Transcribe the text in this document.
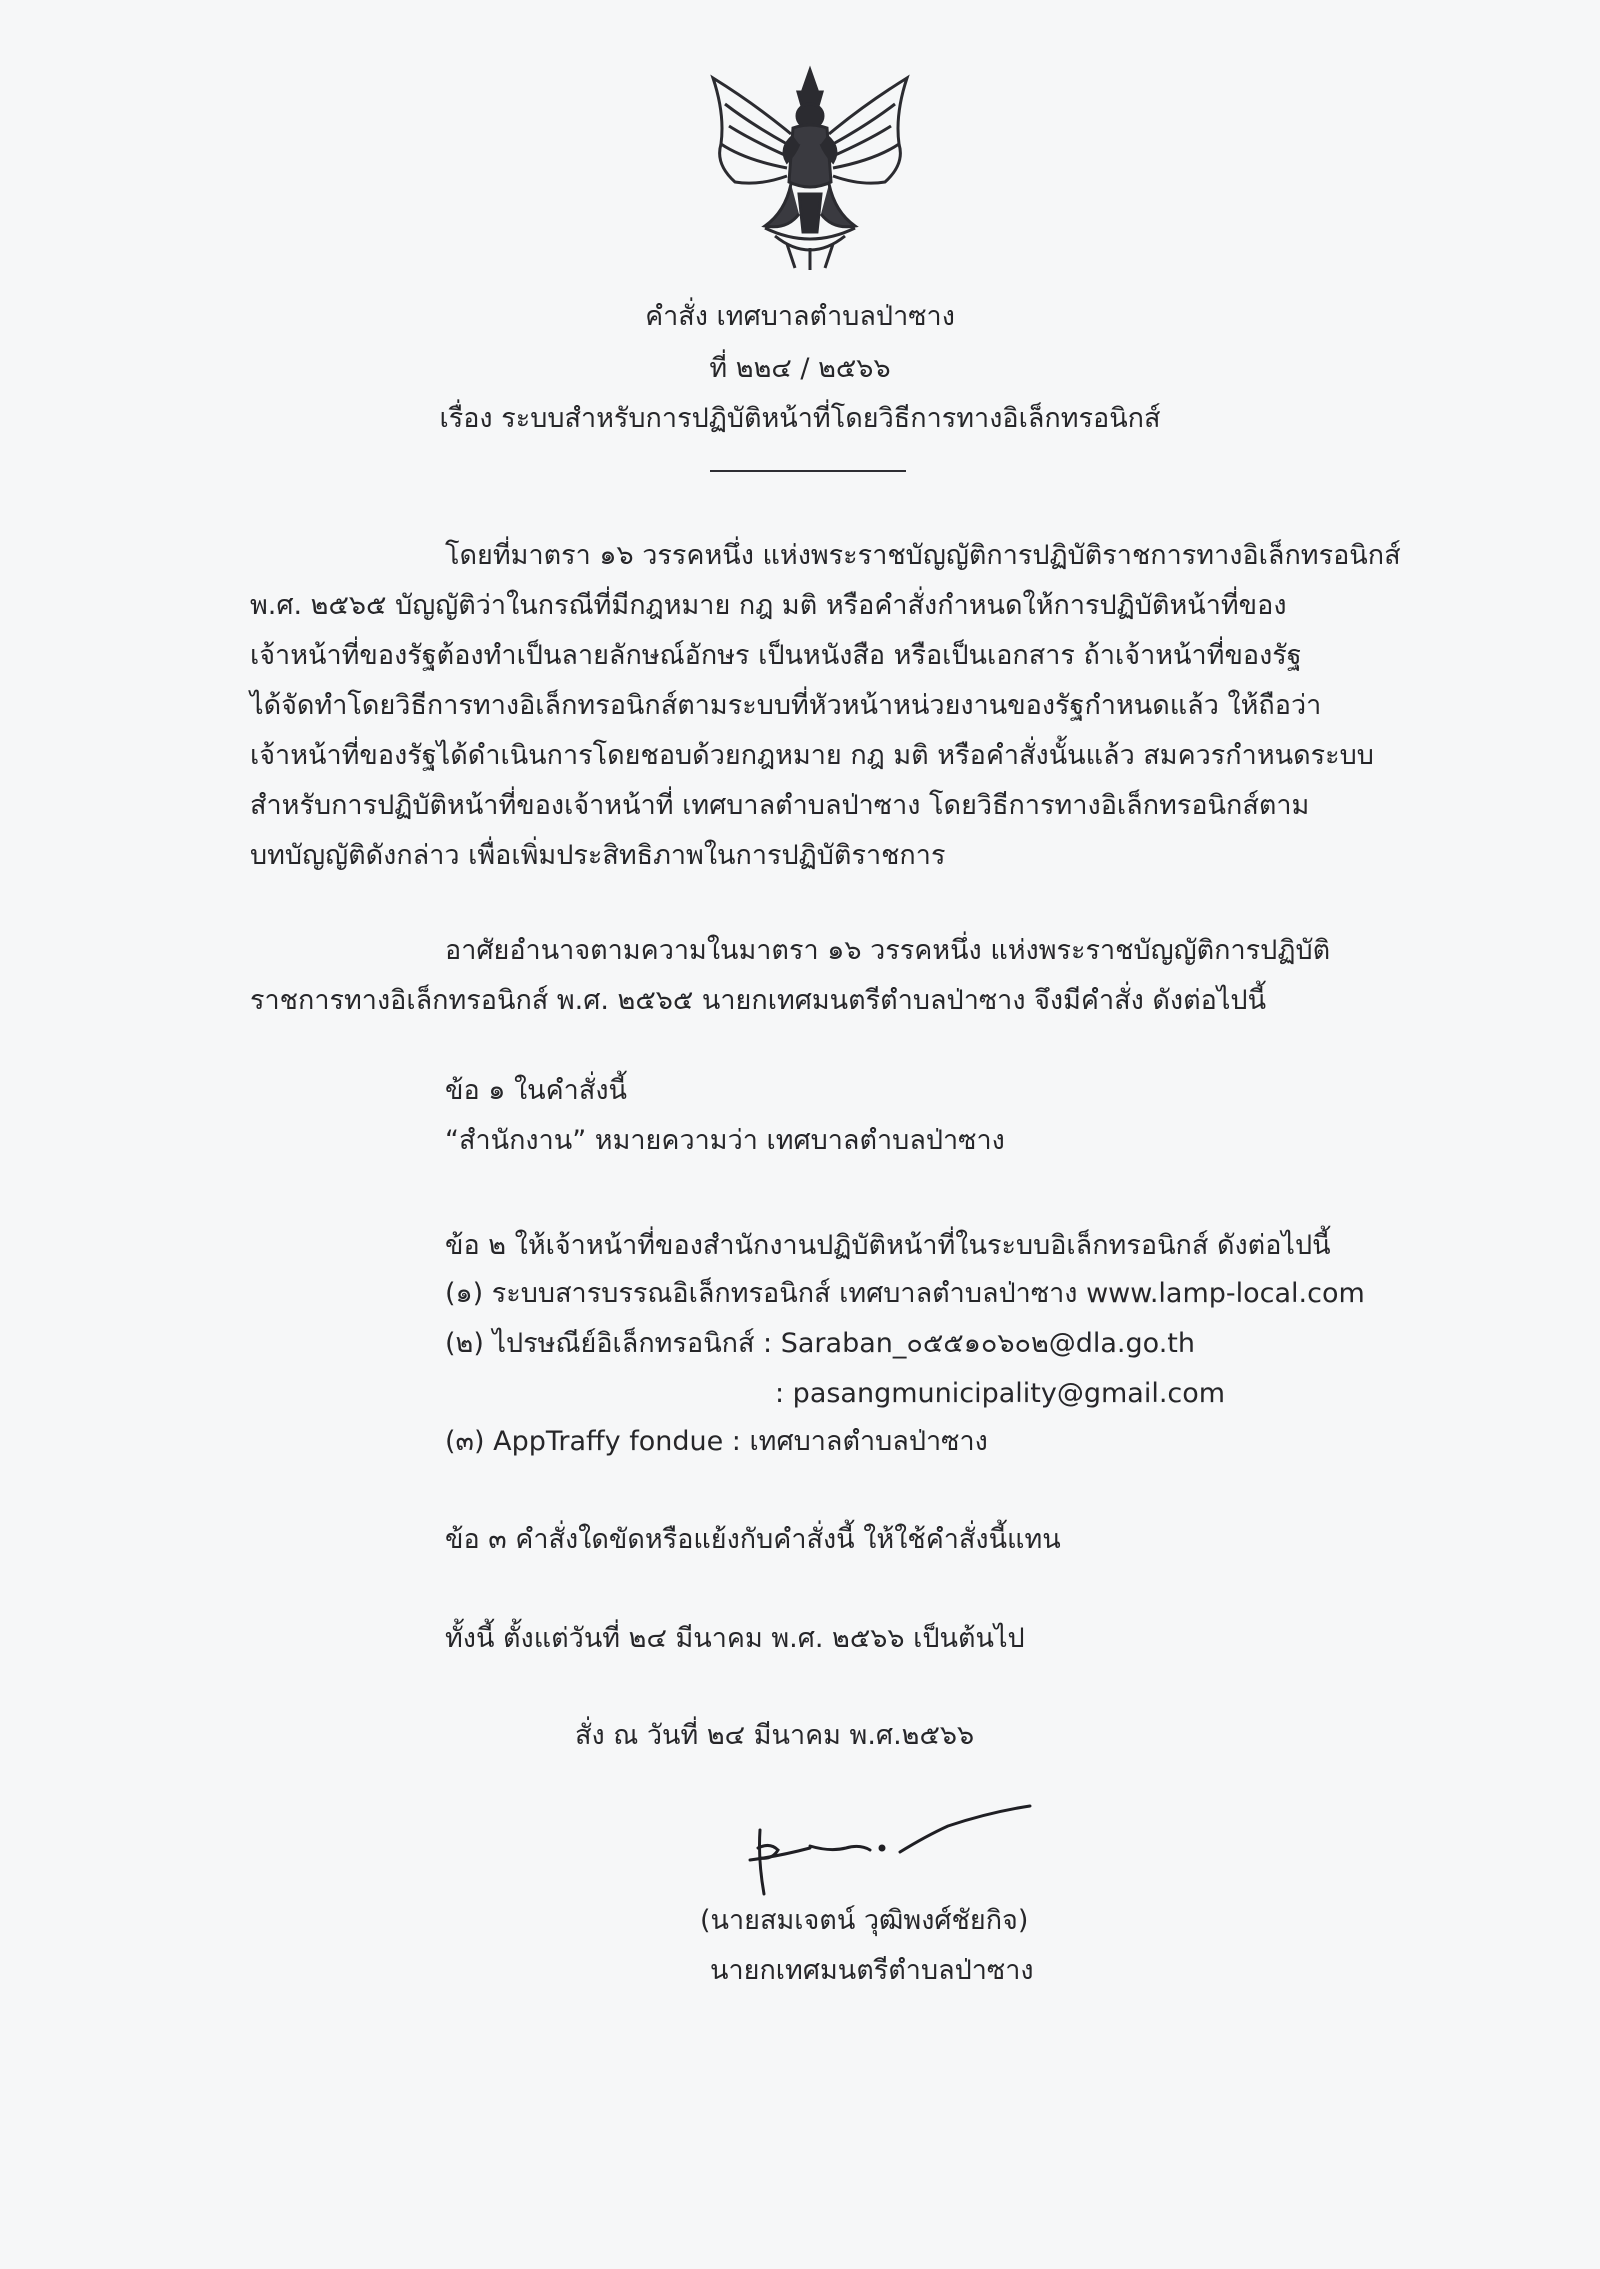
คำสั่ง เทศบาลตำบลป่าซาง
ที่ ๒๒๔ / ๒๕๖๖
เรื่อง ระบบสำหรับการปฏิบัติหน้าที่โดยวิธีการทางอิเล็กทรอนิกส์
โดยที่มาตรา ๑๖ วรรคหนึ่ง แห่งพระราชบัญญัติการปฏิบัติราชการทางอิเล็กทรอนิกส์
พ.ศ. ๒๕๖๕ บัญญัติว่าในกรณีที่มีกฎหมาย กฎ มติ หรือคำสั่งกำหนดให้การปฏิบัติหน้าที่ของ
เจ้าหน้าที่ของรัฐต้องทำเป็นลายลักษณ์อักษร เป็นหนังสือ หรือเป็นเอกสาร ถ้าเจ้าหน้าที่ของรัฐ
ได้จัดทำโดยวิธีการทางอิเล็กทรอนิกส์ตามระบบที่หัวหน้าหน่วยงานของรัฐกำหนดแล้ว ให้ถือว่า
เจ้าหน้าที่ของรัฐได้ดำเนินการโดยชอบด้วยกฎหมาย กฎ มติ หรือคำสั่งนั้นแล้ว สมควรกำหนดระบบ
สำหรับการปฏิบัติหน้าที่ของเจ้าหน้าที่ เทศบาลตำบลป่าซาง โดยวิธีการทางอิเล็กทรอนิกส์ตาม
บทบัญญัติดังกล่าว เพื่อเพิ่มประสิทธิภาพในการปฏิบัติราชการ
อาศัยอำนาจตามความในมาตรา ๑๖ วรรคหนึ่ง แห่งพระราชบัญญัติการปฏิบัติ
ราชการทางอิเล็กทรอนิกส์ พ.ศ. ๒๕๖๕ นายกเทศมนตรีตำบลป่าซาง จึงมีคำสั่ง ดังต่อไปนี้
ข้อ ๑ ในคำสั่งนี้
“สำนักงาน” หมายความว่า เทศบาลตำบลป่าซาง
ข้อ ๒ ให้เจ้าหน้าที่ของสำนักงานปฏิบัติหน้าที่ในระบบอิเล็กทรอนิกส์ ดังต่อไปนี้
(๑) ระบบสารบรรณอิเล็กทรอนิกส์ เทศบาลตำบลป่าซาง www.lamp-local.com
(๒) ไปรษณีย์อิเล็กทรอนิกส์ : Saraban_๐๕๕๑๐๖๐๒@dla.go.th
: pasangmunicipality@gmail.com
(๓) AppTraffy fondue : เทศบาลตำบลป่าซาง
ข้อ ๓ คำสั่งใดขัดหรือแย้งกับคำสั่งนี้ ให้ใช้คำสั่งนี้แทน
ทั้งนี้ ตั้งแต่วันที่ ๒๔ มีนาคม พ.ศ. ๒๕๖๖ เป็นต้นไป
สั่ง ณ วันที่ ๒๔ มีนาคม พ.ศ.๒๕๖๖
(นายสมเจตน์ วุฒิพงศ์ชัยกิจ)
นายกเทศมนตรีตำบลป่าซาง
